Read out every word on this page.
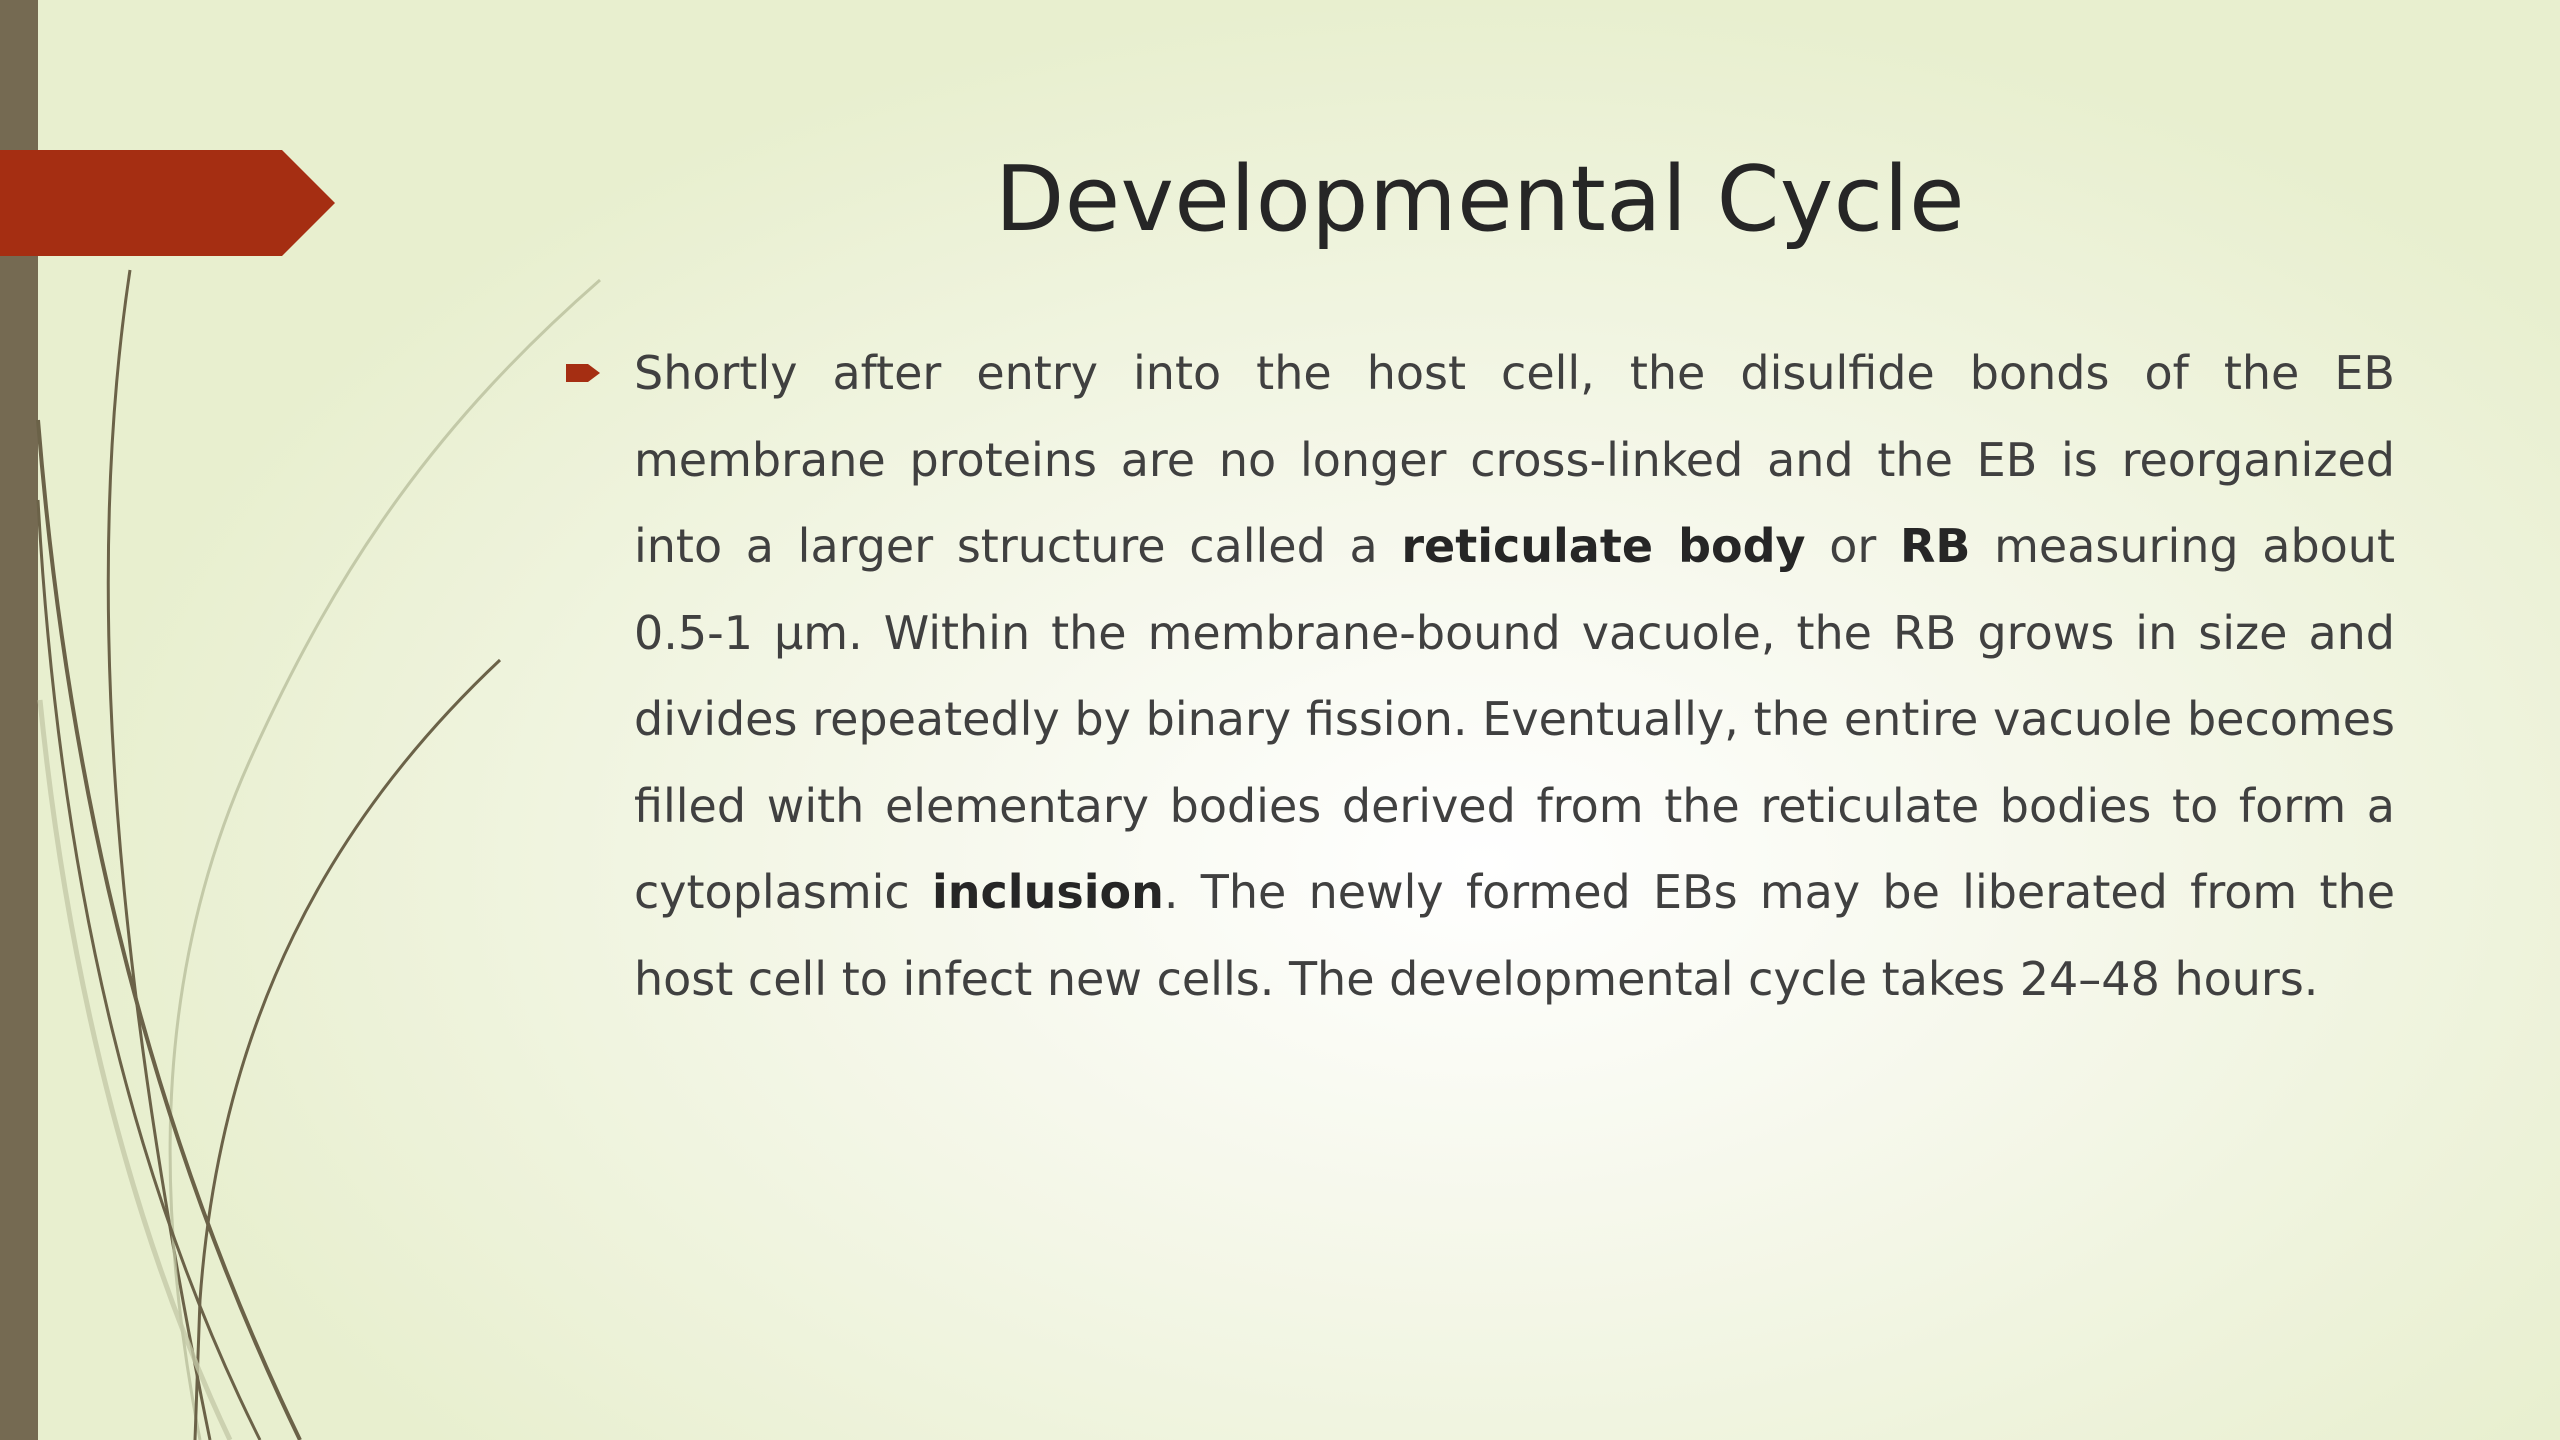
Developmental Cycle

Shortly after entry into the host cell, the disulfide bonds of the EB membrane proteins are no longer cross-linked and the EB is reorganized into a larger structure called a reticulate body or RB measuring about 0.5-1 μm. Within the membrane-bound vacuole, the RB grows in size and divides repeatedly by binary fission. Eventually, the entire vacuole becomes filled with elementary bodies derived from the reticulate bodies to form a cytoplasmic inclusion. The newly formed EBs may be liberated from the host cell to infect new cells. The developmental cycle takes 24–48 hours.
